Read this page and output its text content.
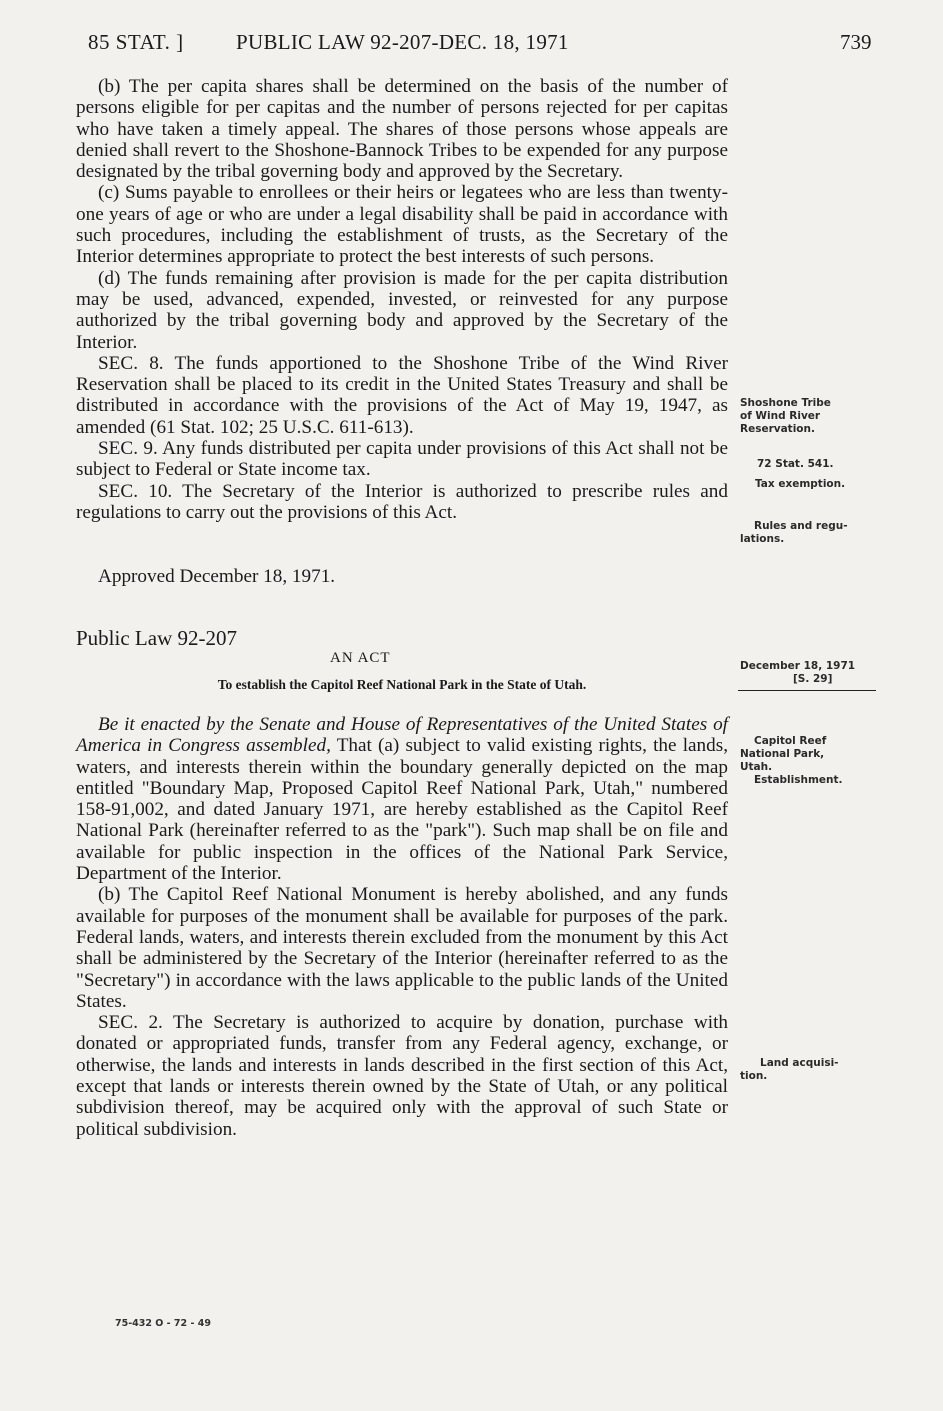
85 STAT. ] PUBLIC LAW 92-207-DEC. 18, 1971	739

(b) The per capita shares shall be determined on the basis of the number of persons eligible for per capitas and the number of persons rejected for per capitas who have taken a timely appeal. The shares of those persons whose appeals are denied shall revert to the Shoshone-Bannock Tribes to be expended for any purpose designated by the tribal governing body and approved by the Secretary.

(c) Sums payable to enrollees or their heirs or legatees who are less than twenty-one years of age or who are under a legal disability shall be paid in accordance with such procedures, including the establishment of trusts, as the Secretary of the Interior determines appropriate to protect the best interests of such persons.

(d) The funds remaining after provision is made for the per capita distribution may be used, advanced, expended, invested, or reinvested for any purpose authorized by the tribal governing body and approved by the Secretary of the Interior.

SEC. 8. The funds apportioned to the Shoshone Tribe of the Wind River Reservation shall be placed to its credit in the United States Treasury and shall be distributed in accordance with the provisions of the Act of May 19, 1947, as amended (61 Stat. 102; 25 U.S.C. 611-613).

SEC. 9. Any funds distributed per capita under provisions of this Act shall not be subject to Federal or State income tax.

SEC. 10. The Secretary of the Interior is authorized to prescribe rules and regulations to carry out the provisions of this Act.

Approved December 18, 1971.
Public Law 92-207
AN ACT
To establish the Capitol Reef National Park in the State of Utah.

Be it enacted by the Senate and House of Representatives of the United States of America in Congress assembled, That (a) subject to valid existing rights, the lands, waters, and interests therein within the boundary generally depicted on the map entitled "Boundary Map, Proposed Capitol Reef National Park, Utah," numbered 158-91,002, and dated January 1971, are hereby established as the Capitol Reef National Park (hereinafter referred to as the "park"). Such map shall be on file and available for public inspection in the offices of the National Park Service, Department of the Interior.

(b) The Capitol Reef National Monument is hereby abolished, and any funds available for purposes of the monument shall be available for purposes of the park. Federal lands, waters, and interests therein excluded from the monument by this Act shall be administered by the Secretary of the Interior (hereinafter referred to as the "Secretary") in accordance with the laws applicable to the public lands of the United States.

SEC. 2. The Secretary is authorized to acquire by donation, purchase with donated or appropriated funds, transfer from any Federal agency, exchange, or otherwise, the lands and interests in lands described in the first section of this Act, except that lands or interests therein owned by the State of Utah, or any political subdivision thereof, may be acquired only with the approval of such State or political subdivision.

Shoshone Tribe
of Wind River
Reservation.
72 Stat. 541.
Tax exemption.
Rules and regu-
lations.
December 18, 1971
[S. 29]
Capitol Reef
National Park,
Utah.
Establishment.
Land acquisi-
tion.
75-432 O - 72 - 49
